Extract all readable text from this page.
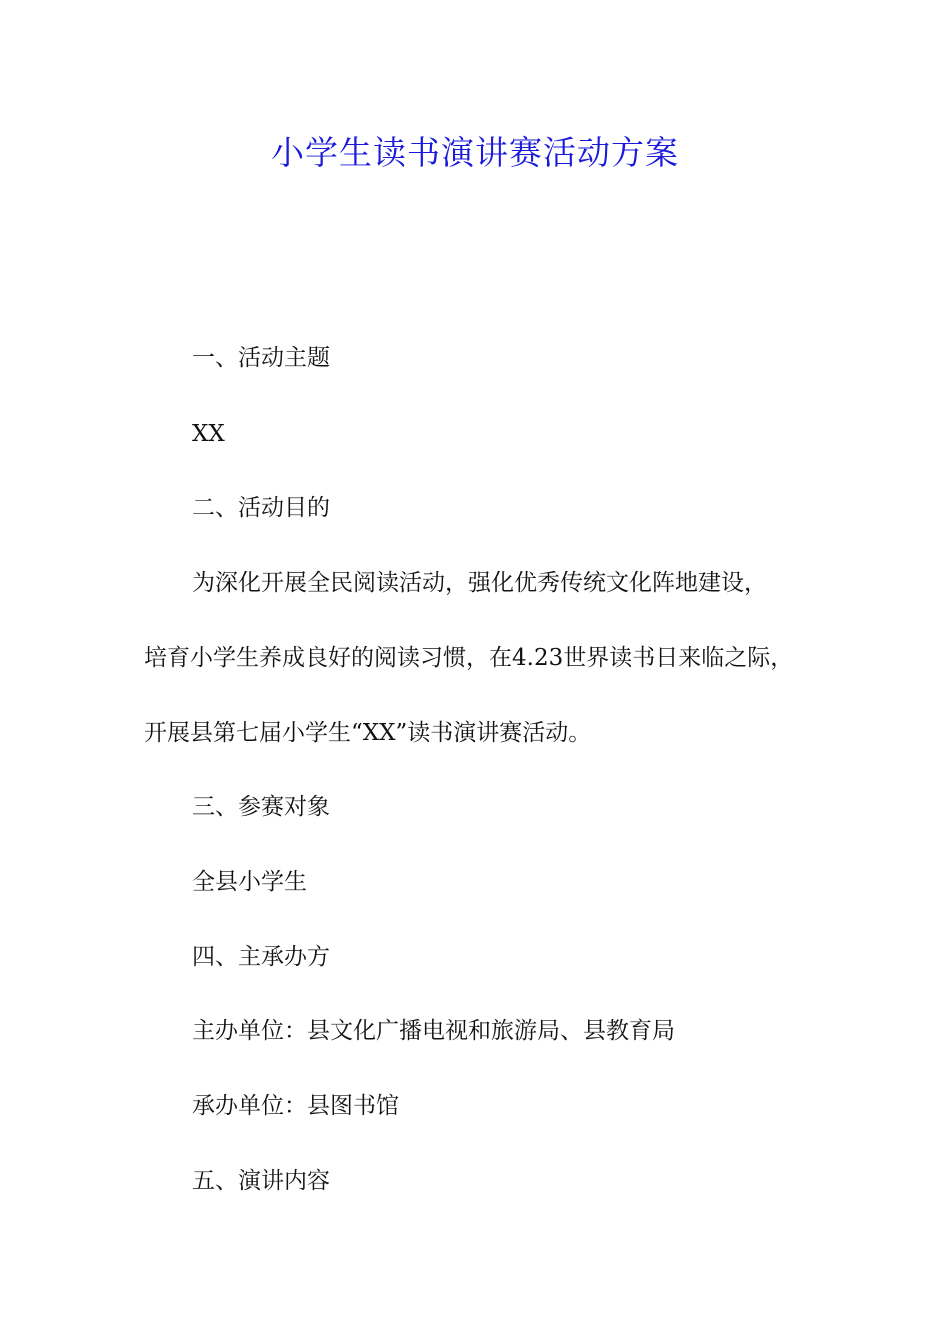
小学生读书演讲赛活动方案
一、活动主题
XX
二、活动目的
为深化开展全民阅读活动，强化优秀传统文化阵地建设，
培育小学生养成良好的阅读习惯，在4.23世界读书日来临之际，
开展县第七届小学生“XX”读书演讲赛活动。
三、参赛对象
全县小学生
四、主承办方
主办单位：县文化广播电视和旅游局、县教育局
承办单位：县图书馆
五、演讲内容
